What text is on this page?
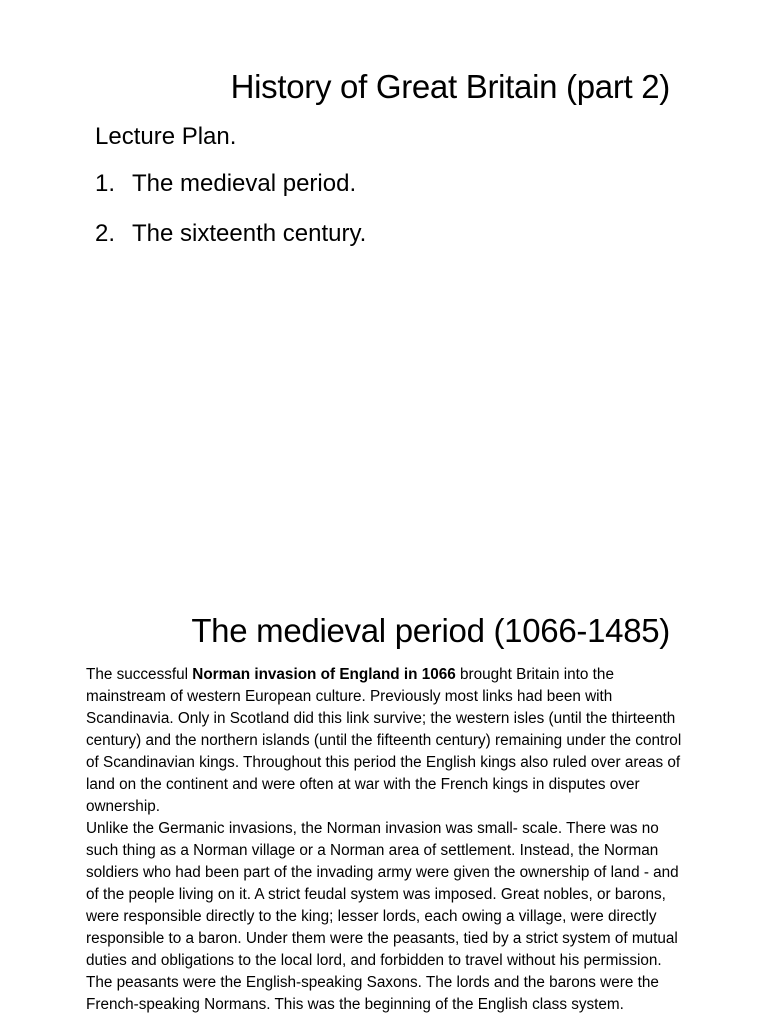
History of Great Britain (part 2)
Lecture Plan.
1. The medieval period.
2. The sixteenth century.
The medieval period (1066-1485)

The successful Norman invasion of England in 1066 brought Britain into the mainstream of western European culture. Previously most links had been with Scandinavia. Only in Scotland did this link survive; the western isles (until the thirteenth century) and the northern islands (until the fifteenth century) remaining under the control of Scandinavian kings. Throughout this period the English kings also ruled over areas of land on the continent and were often at war with the French kings in disputes over ownership.
Unlike the Germanic invasions, the Norman invasion was small- scale. There was no such thing as a Norman village or a Norman area of settlement. Instead, the Norman soldiers who had been part of the invading army were given the ownership of land - and of the people living on it. A strict feudal system was imposed. Great nobles, or barons, were responsible directly to the king; lesser lords, each owing a village, were directly responsible to a baron. Under them were the peasants, tied by a strict system of mutual duties and obligations to the local lord, and forbidden to travel without his permission. The peasants were the English-speaking Saxons. The lords and the barons were the French-speaking Normans. This was the beginning of the English class system.
